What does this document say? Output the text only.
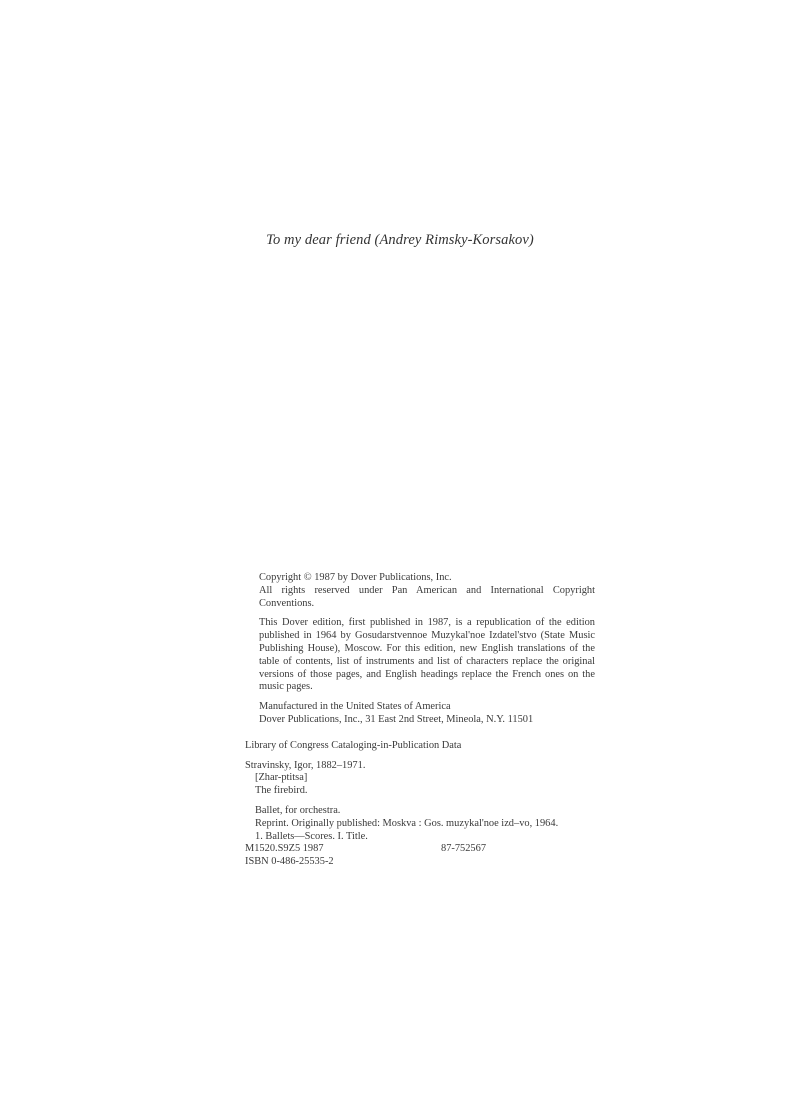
To my dear friend (Andrey Rimsky-Korsakov)

Copyright © 1987 by Dover Publications, Inc.

All rights reserved under Pan American and International Copyright Conventions.

This Dover edition, first published in 1987, is a republication of the edition published in 1964 by Gosudarstvennoe Muzykal'noe Izdatel'stvo (State Music Publishing House), Moscow. For this edition, new English translations of the table of contents, list of instruments and list of characters replace the original versions of those pages, and English headings replace the French ones on the music pages.

Manufactured in the United States of America

Dover Publications, Inc., 31 East 2nd Street, Mineola, N.Y. 11501

Library of Congress Cataloging-in-Publication Data

Stravinsky, Igor, 1882–1971.

[Zhar-ptitsa]

The firebird.

Ballet, for orchestra.

Reprint. Originally published: Moskva : Gos. muzykal'noe izd–vo, 1964.

1. Ballets—Scores. I. Title.

M1520.S9Z5 1987	87-752567

ISBN 0-486-25535-2
